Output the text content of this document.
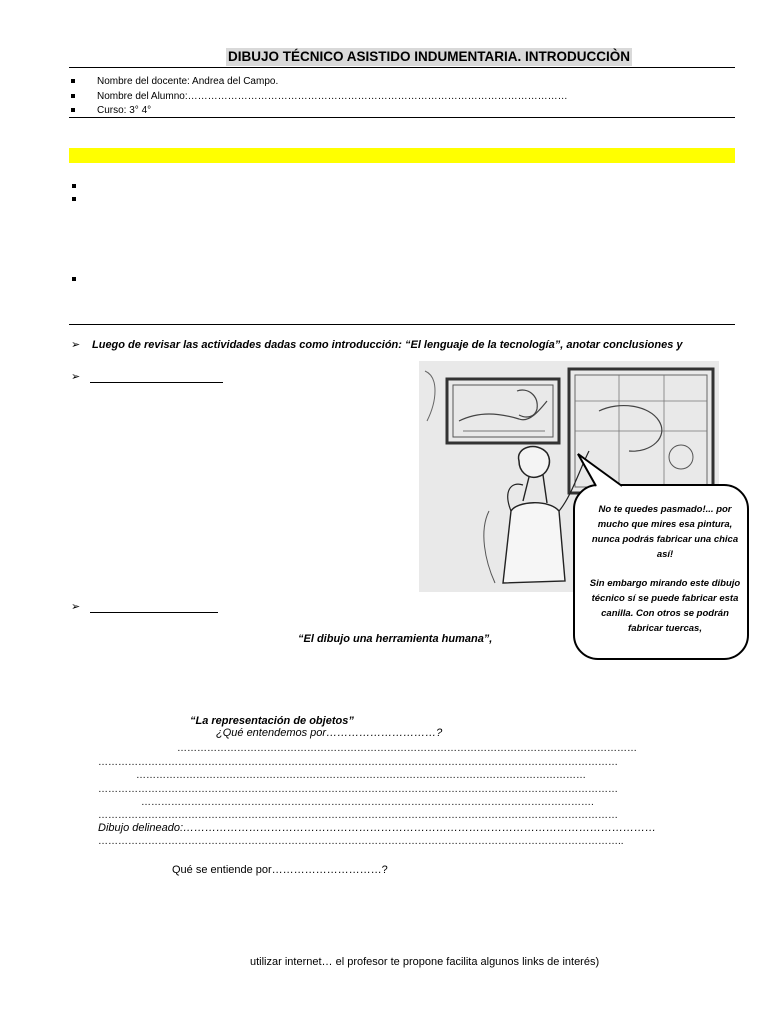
DIBUJO TÉCNICO ASISTIDO INDUMENTARIA. INTRODUCCIÒN
Nombre del docente: Andrea del Campo.
Nombre del Alumno:……………………………………………………………………………………………………
Curso: 3° 4°
➢ Luego de revisar las actividades dadas como introducción: “El lenguaje de la tecnología”, anotar conclusiones y
➢
No te quedes pasmado!... por mucho que mires esa pintura, nunca podrás fabricar una chica así!
Sin embargo mirando este dibujo técnico sí se puede fabricar esta canilla. Con otros se podrán fabricar tuercas,
➢
“El dibujo una herramienta humana”,
“La representación de objetos”
¿Qué entendemos por…………………………?
…………………………………………………………………………………………………………………………
…………………………………………………………………………………………………………………………………………
………………………………………………………………………………………………………………………
…………………………………………………………………………………………………………………………………………
……………………………………………………………………………………………………………………….
…………………………………………………………………………………………………………………………………………
Dibujo delineado:…………………………………………………………………………………………………………………
…………………………………………………………………………………………………………………………………………..
Qué se entiende por…………………………?
utilizar internet… el profesor te propone facilita algunos links de interés)
